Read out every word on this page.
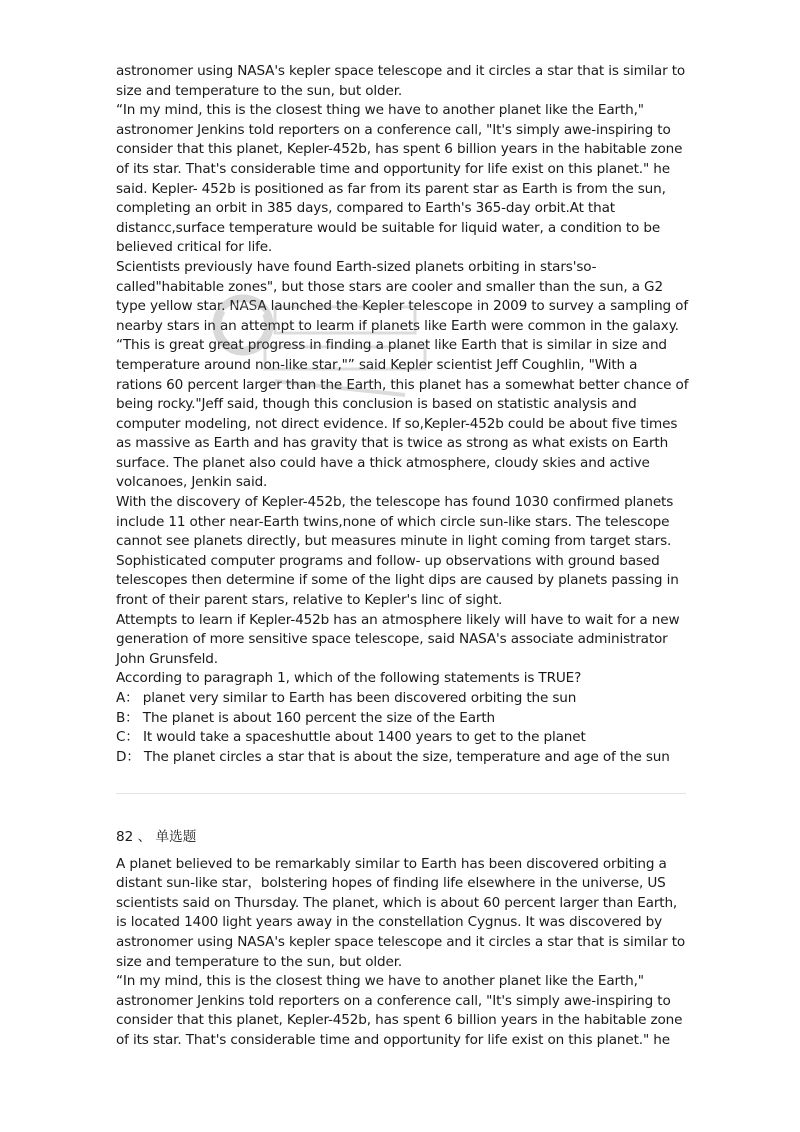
astronomer using NASA's kepler space telescope and it circles a star that is similar to
size and temperature to the sun, but older.
“In my mind, this is the closest thing we have to another planet like the Earth,"
astronomer Jenkins told reporters on a conference call, "It's simply awe-inspiring to
consider that this planet, Kepler-452b, has spent 6 billion years in the habitable zone
of its star. That's considerable time and opportunity for life exist on this planet." he
said. Kepler- 452b is positioned as far from its parent star as Earth is from the sun,
completing an orbit in 385 days, compared to Earth's 365-day orbit.At that
distancc,surface temperature would be suitable for liquid water, a condition to be
believed critical for life.
Scientists previously have found Earth-sized planets orbiting in stars'so-
called"habitable zones", but those stars are cooler and smaller than the sun, a G2
type yellow star. NASA launched the Kepler telescope in 2009 to survey a sampling of
nearby stars in an attempt to learm if planets like Earth were common in the galaxy.
“This is great great progress in finding a planet like Earth that is similar in size and
temperature around non-like star,"” said Kepler scientist Jeff Coughlin, "With a
rations 60 percent larger than the Earth, this planet has a somewhat better chance of
being rocky."Jeff said, though this conclusion is based on statistic analysis and
computer modeling, not direct evidence. If so,Kepler-452b could be about five times
as massive as Earth and has gravity that is twice as strong as what exists on Earth
surface. The planet also could have a thick atmosphere, cloudy skies and active
volcanoes, Jenkin said.
With the discovery of Kepler-452b, the telescope has found 1030 confirmed planets
include 11 other near-Earth twins,none of which circle sun-like stars. The telescope
cannot see planets directly, but measures minute in light coming from target stars.
Sophisticated computer programs and follow- up observations with ground based
telescopes then determine if some of the light dips are caused by planets passing in
front of their parent stars, relative to Kepler's linc of sight.
Attempts to learn if Kepler-452b has an atmosphere likely will have to wait for a new
generation of more sensitive space telescope, said NASA's associate administrator
John Grunsfeld.
According to paragraph 1, which of the following statements is TRUE?
A： planet very similar to Earth has been discovered orbiting the sun
B： The planet is about 160 percent the size of the Earth
C： It would take a spaceshuttle about 1400 years to get to the planet
D： The planet circles a star that is about the size, temperature and age of the sun
82 、 单选题
A planet believed to be remarkably similar to Earth has been discovered orbiting a
distant sun-like star，bolstering hopes of finding life elsewhere in the universe, US
scientists said on Thursday. The planet, which is about 60 percent larger than Earth,
is located 1400 light years away in the constellation Cygnus. It was discovered by
astronomer using NASA's kepler space telescope and it circles a star that is similar to
size and temperature to the sun, but older.
“In my mind, this is the closest thing we have to another planet like the Earth,"
astronomer Jenkins told reporters on a conference call, "It's simply awe-inspiring to
consider that this planet, Kepler-452b, has spent 6 billion years in the habitable zone
of its star. That's considerable time and opportunity for life exist on this planet." he
